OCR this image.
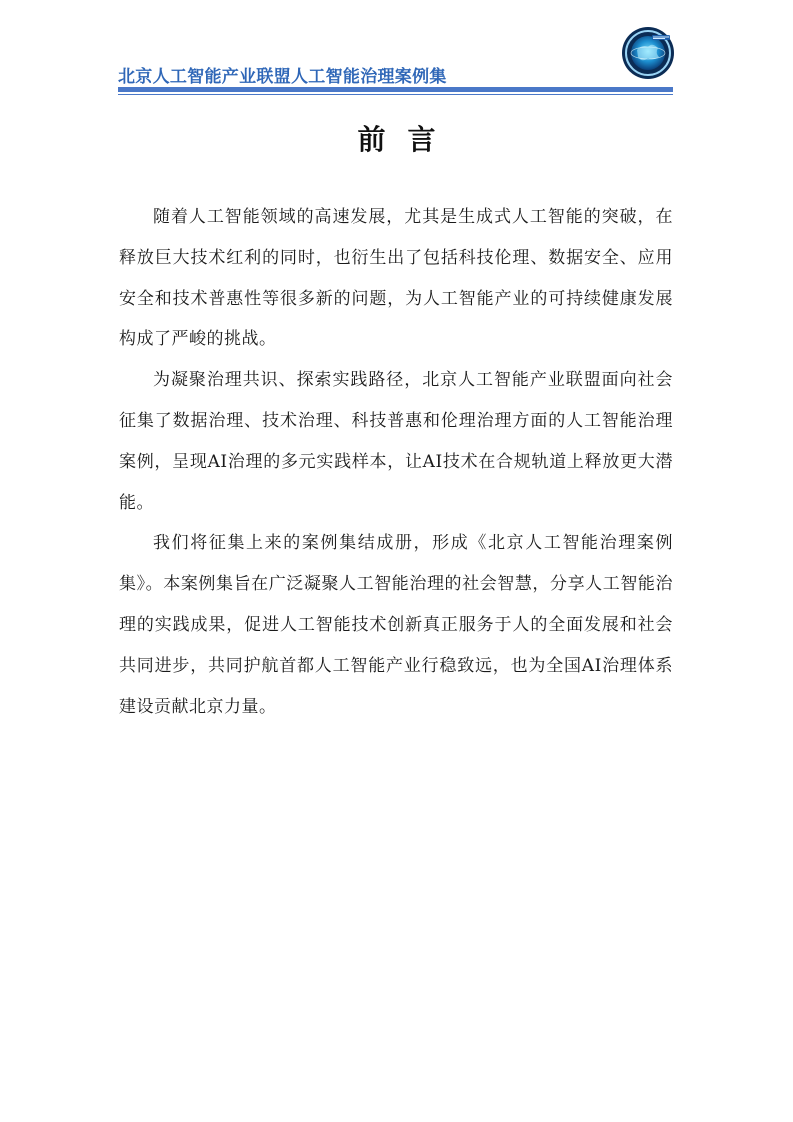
北京人工智能产业联盟人工智能治理案例集
前言

随着人工智能领域的高速发展，尤其是生成式人工智能的突破，在释放巨大技术红利的同时，也衍生出了包括科技伦理、数据安全、应用安全和技术普惠性等很多新的问题，为人工智能产业的可持续健康发展构成了严峻的挑战。

为凝聚治理共识、探索实践路径，北京人工智能产业联盟面向社会征集了数据治理、技术治理、科技普惠和伦理治理方面的人工智能治理案例，呈现AI治理的多元实践样本，让AI技术在合规轨道上释放更大潜能。

我们将征集上来的案例集结成册，形成《北京人工智能治理案例集》。本案例集旨在广泛凝聚人工智能治理的社会智慧，分享人工智能治理的实践成果，促进人工智能技术创新真正服务于人的全面发展和社会共同进步，共同护航首都人工智能产业行稳致远，也为全国AI治理体系建设贡献北京力量。
